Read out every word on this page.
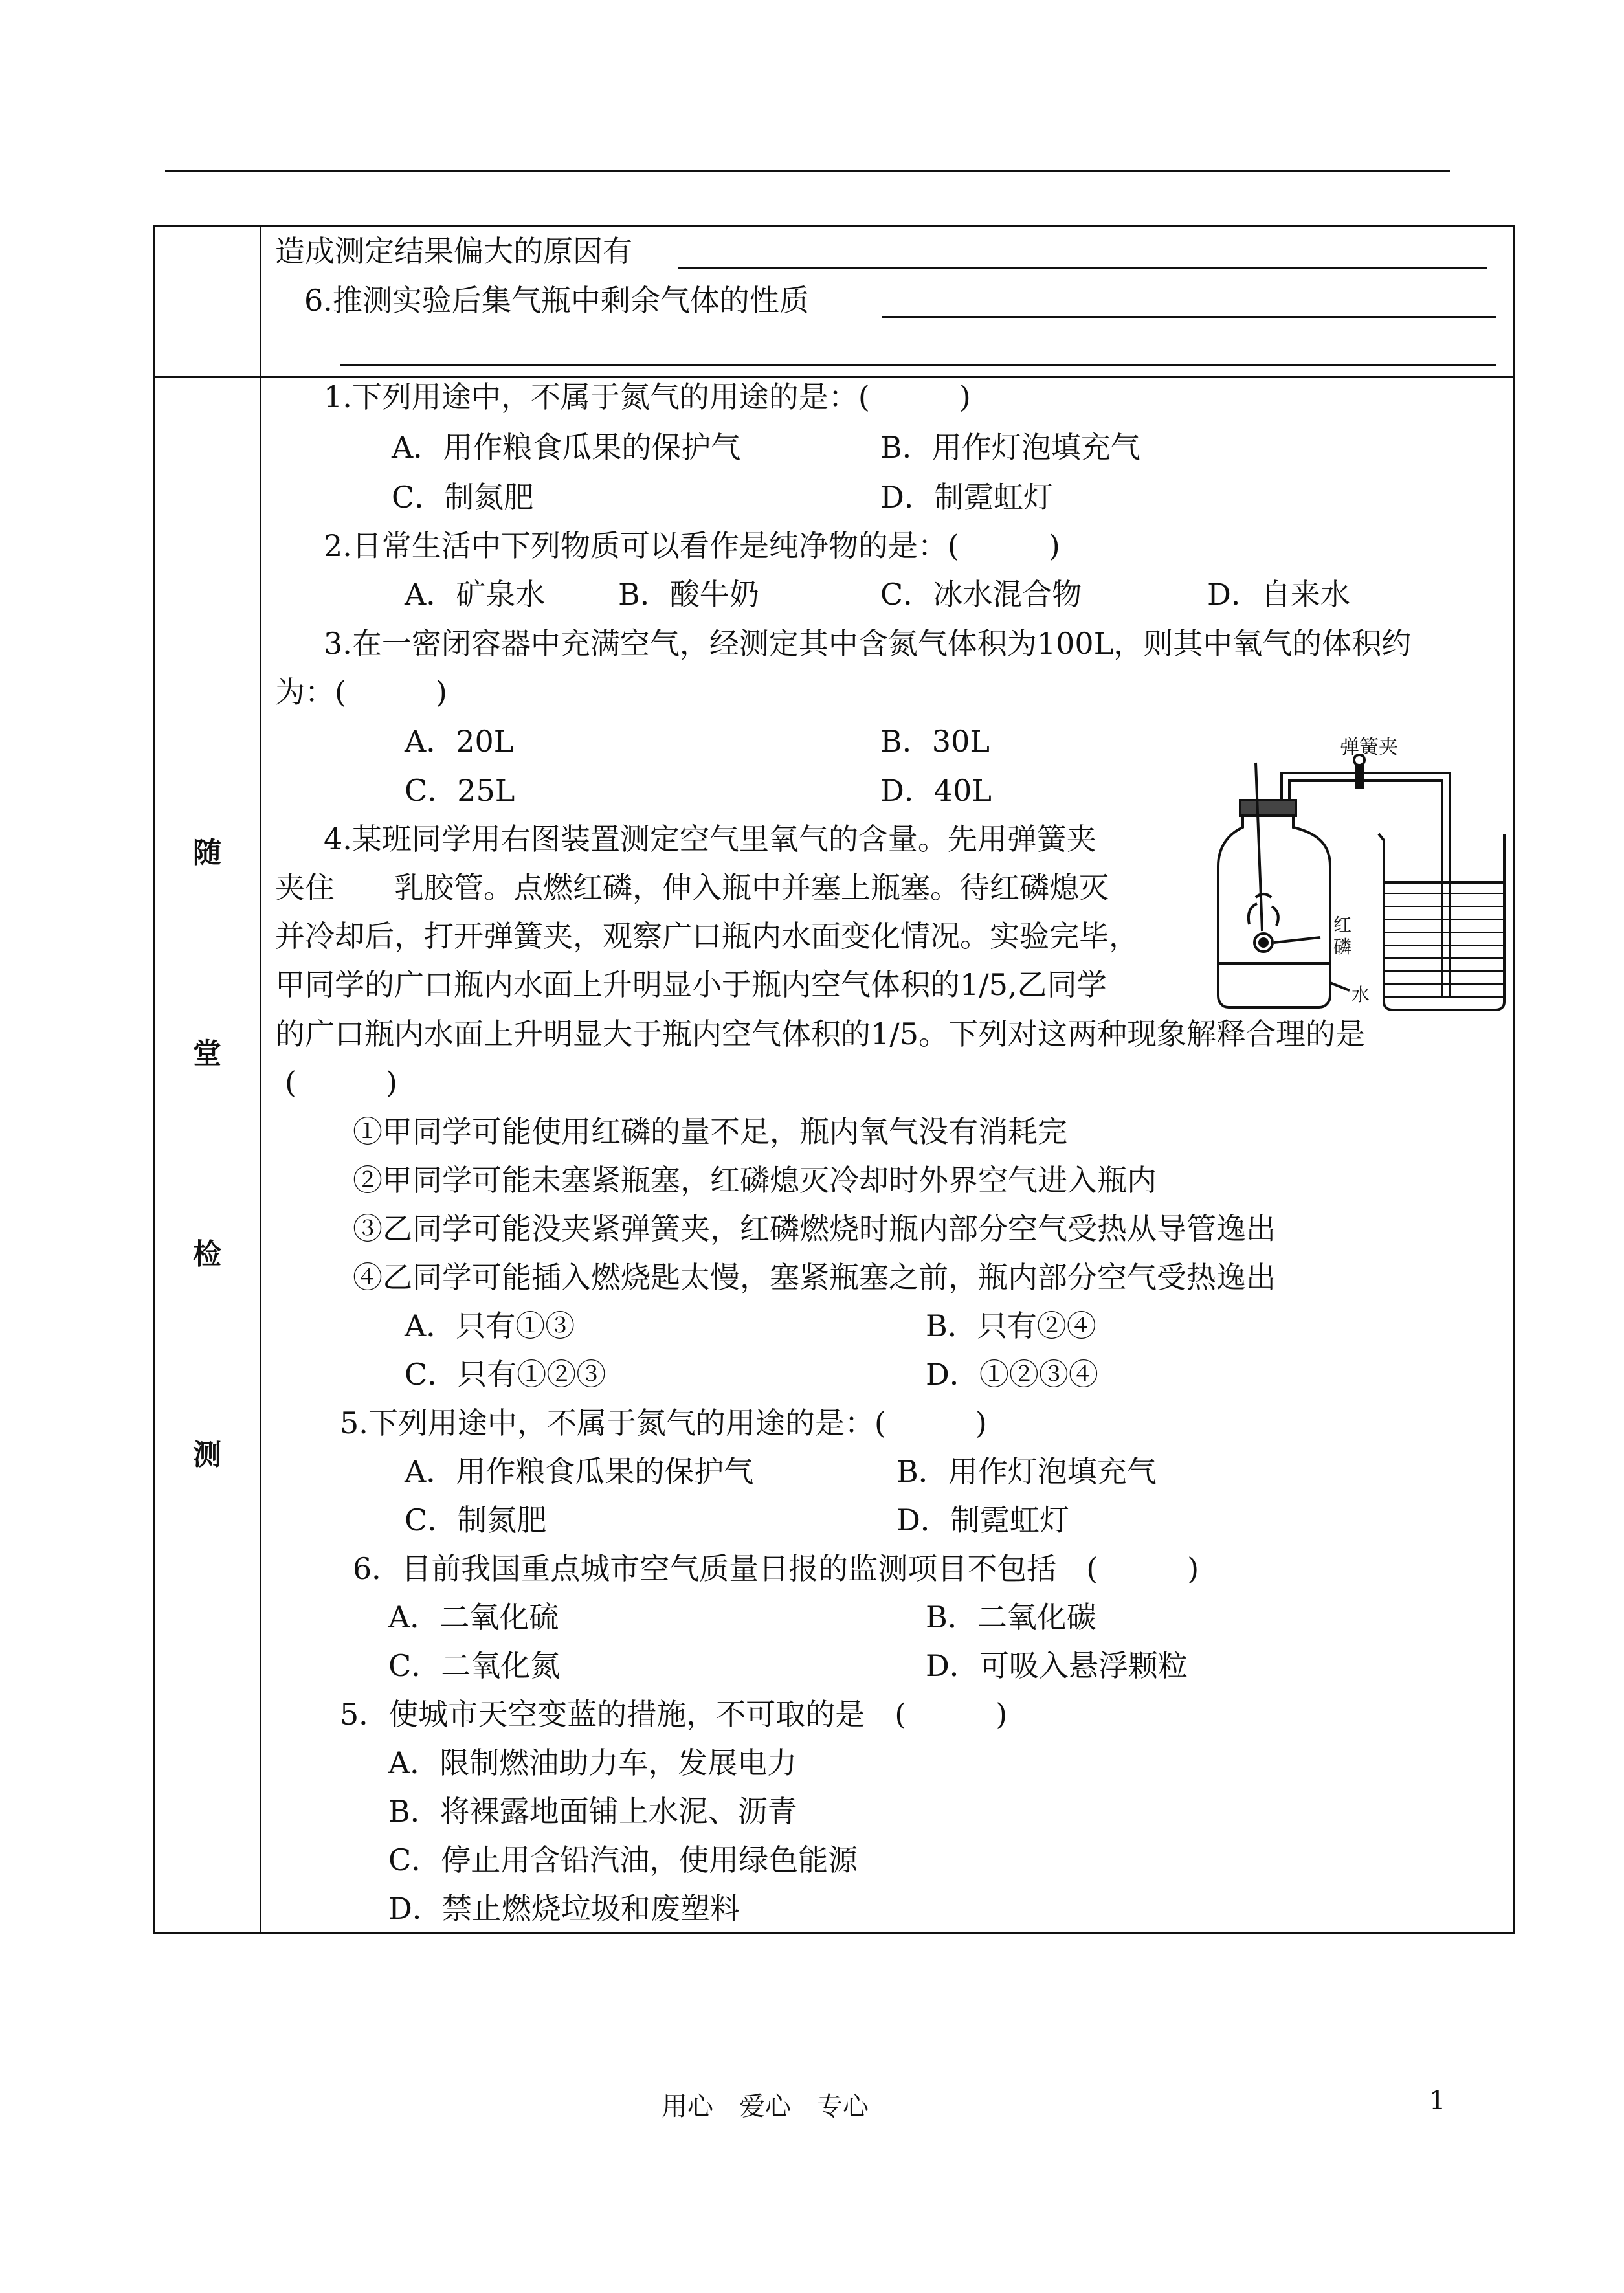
随
堂
检
测
造成测定结果偏大的原因有
6.推测实验后集气瓶中剩余气体的性质
1.下列用途中，不属于氮气的用途的是：(　　　)
A．用作粮食瓜果的保护气	B．用作灯泡填充气
C．制氮肥	D．制霓虹灯
2.日常生活中下列物质可以看作是纯净物的是：(　　　)
A．矿泉水 B．酸牛奶	C．冰水混合物	D．自来水
3.在一密闭容器中充满空气，经测定其中含氮气体积为100L，则其中氧气的体积约
为：(　　　)
A．20L	B．30L
C．25L	D．40L
4.某班同学用右图装置测定空气里氧气的含量。先用弹簧夹
夹住　　乳胶管。点燃红磷，伸入瓶中并塞上瓶塞。待红磷熄灭
并冷却后，打开弹簧夹，观察广口瓶内水面变化情况。实验完毕，
甲同学的广口瓶内水面上升明显小于瓶内空气体积的1/5,乙同学
的广口瓶内水面上升明显大于瓶内空气体积的1/5。下列对这两种现象解释合理的是
(　　　)
①甲同学可能使用红磷的量不足，瓶内氧气没有消耗完
②甲同学可能未塞紧瓶塞，红磷熄灭冷却时外界空气进入瓶内
③乙同学可能没夹紧弹簧夹，红磷燃烧时瓶内部分空气受热从导管逸出
④乙同学可能插入燃烧匙太慢，塞紧瓶塞之前，瓶内部分空气受热逸出
A．只有①③	B．只有②④
C．只有①②③	D．①②③④
弹簧夹
红
磷
水
5.下列用途中，不属于氮气的用途的是：(　　　)
A．用作粮食瓜果的保护气	B．用作灯泡填充气
C．制氮肥	D．制霓虹灯
6．目前我国重点城市空气质量日报的监测项目不包括　(　　　)
A．二氧化硫	B．二氧化碳
C．二氧化氮	D．可吸入悬浮颗粒
5．使城市天空变蓝的措施，不可取的是　(　　　)
A．限制燃油助力车，发展电力
B．将裸露地面铺上水泥、沥青
C．停止用含铅汽油，使用绿色能源
D．禁止燃烧垃圾和废塑料
用心　爱心　专心	1
